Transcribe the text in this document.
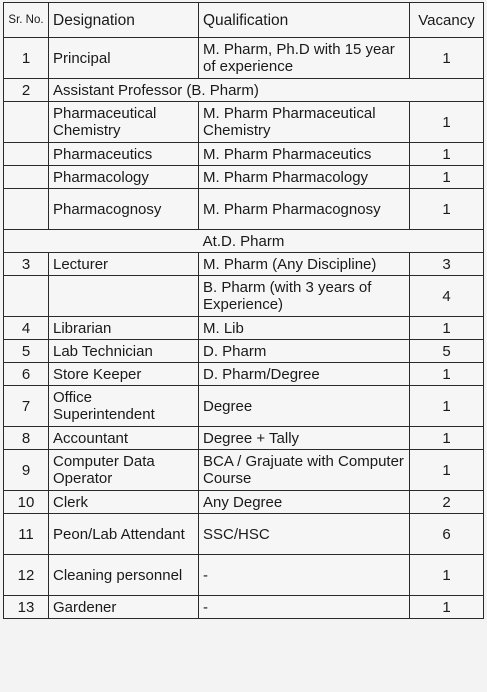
Sr. No.	Designation	Qualification	Vacancy
1	Principal	M. Pharm, Ph.D with 15 year of experience	1
2	Assistant Professor (B. Pharm)		
	Pharmaceutical Chemistry	M. Pharm Pharmaceutical Chemistry	1
	Pharmaceutics	M. Pharm Pharmaceutics	1
	Pharmacology	M. Pharm Pharmacology	1
	Pharmacognosy	M. Pharm Pharmacognosy	1
At.D. Pharm			
3	Lecturer	M. Pharm (Any Discipline)	3
		B. Pharm (with 3 years of Experience)	4
4	Librarian	M. Lib	1
5	Lab Technician	D. Pharm	5
6	Store Keeper	D. Pharm/Degree	1
7	Office Superintendent	Degree	1
8	Accountant	Degree + Tally	1
9	Computer Data Operator	BCA / Grajuate with Computer Course	1
10	Clerk	Any Degree	2
11	Peon/Lab Attendant	SSC/HSC	6
12	Cleaning personnel	-	1
13	Gardener	-	1
